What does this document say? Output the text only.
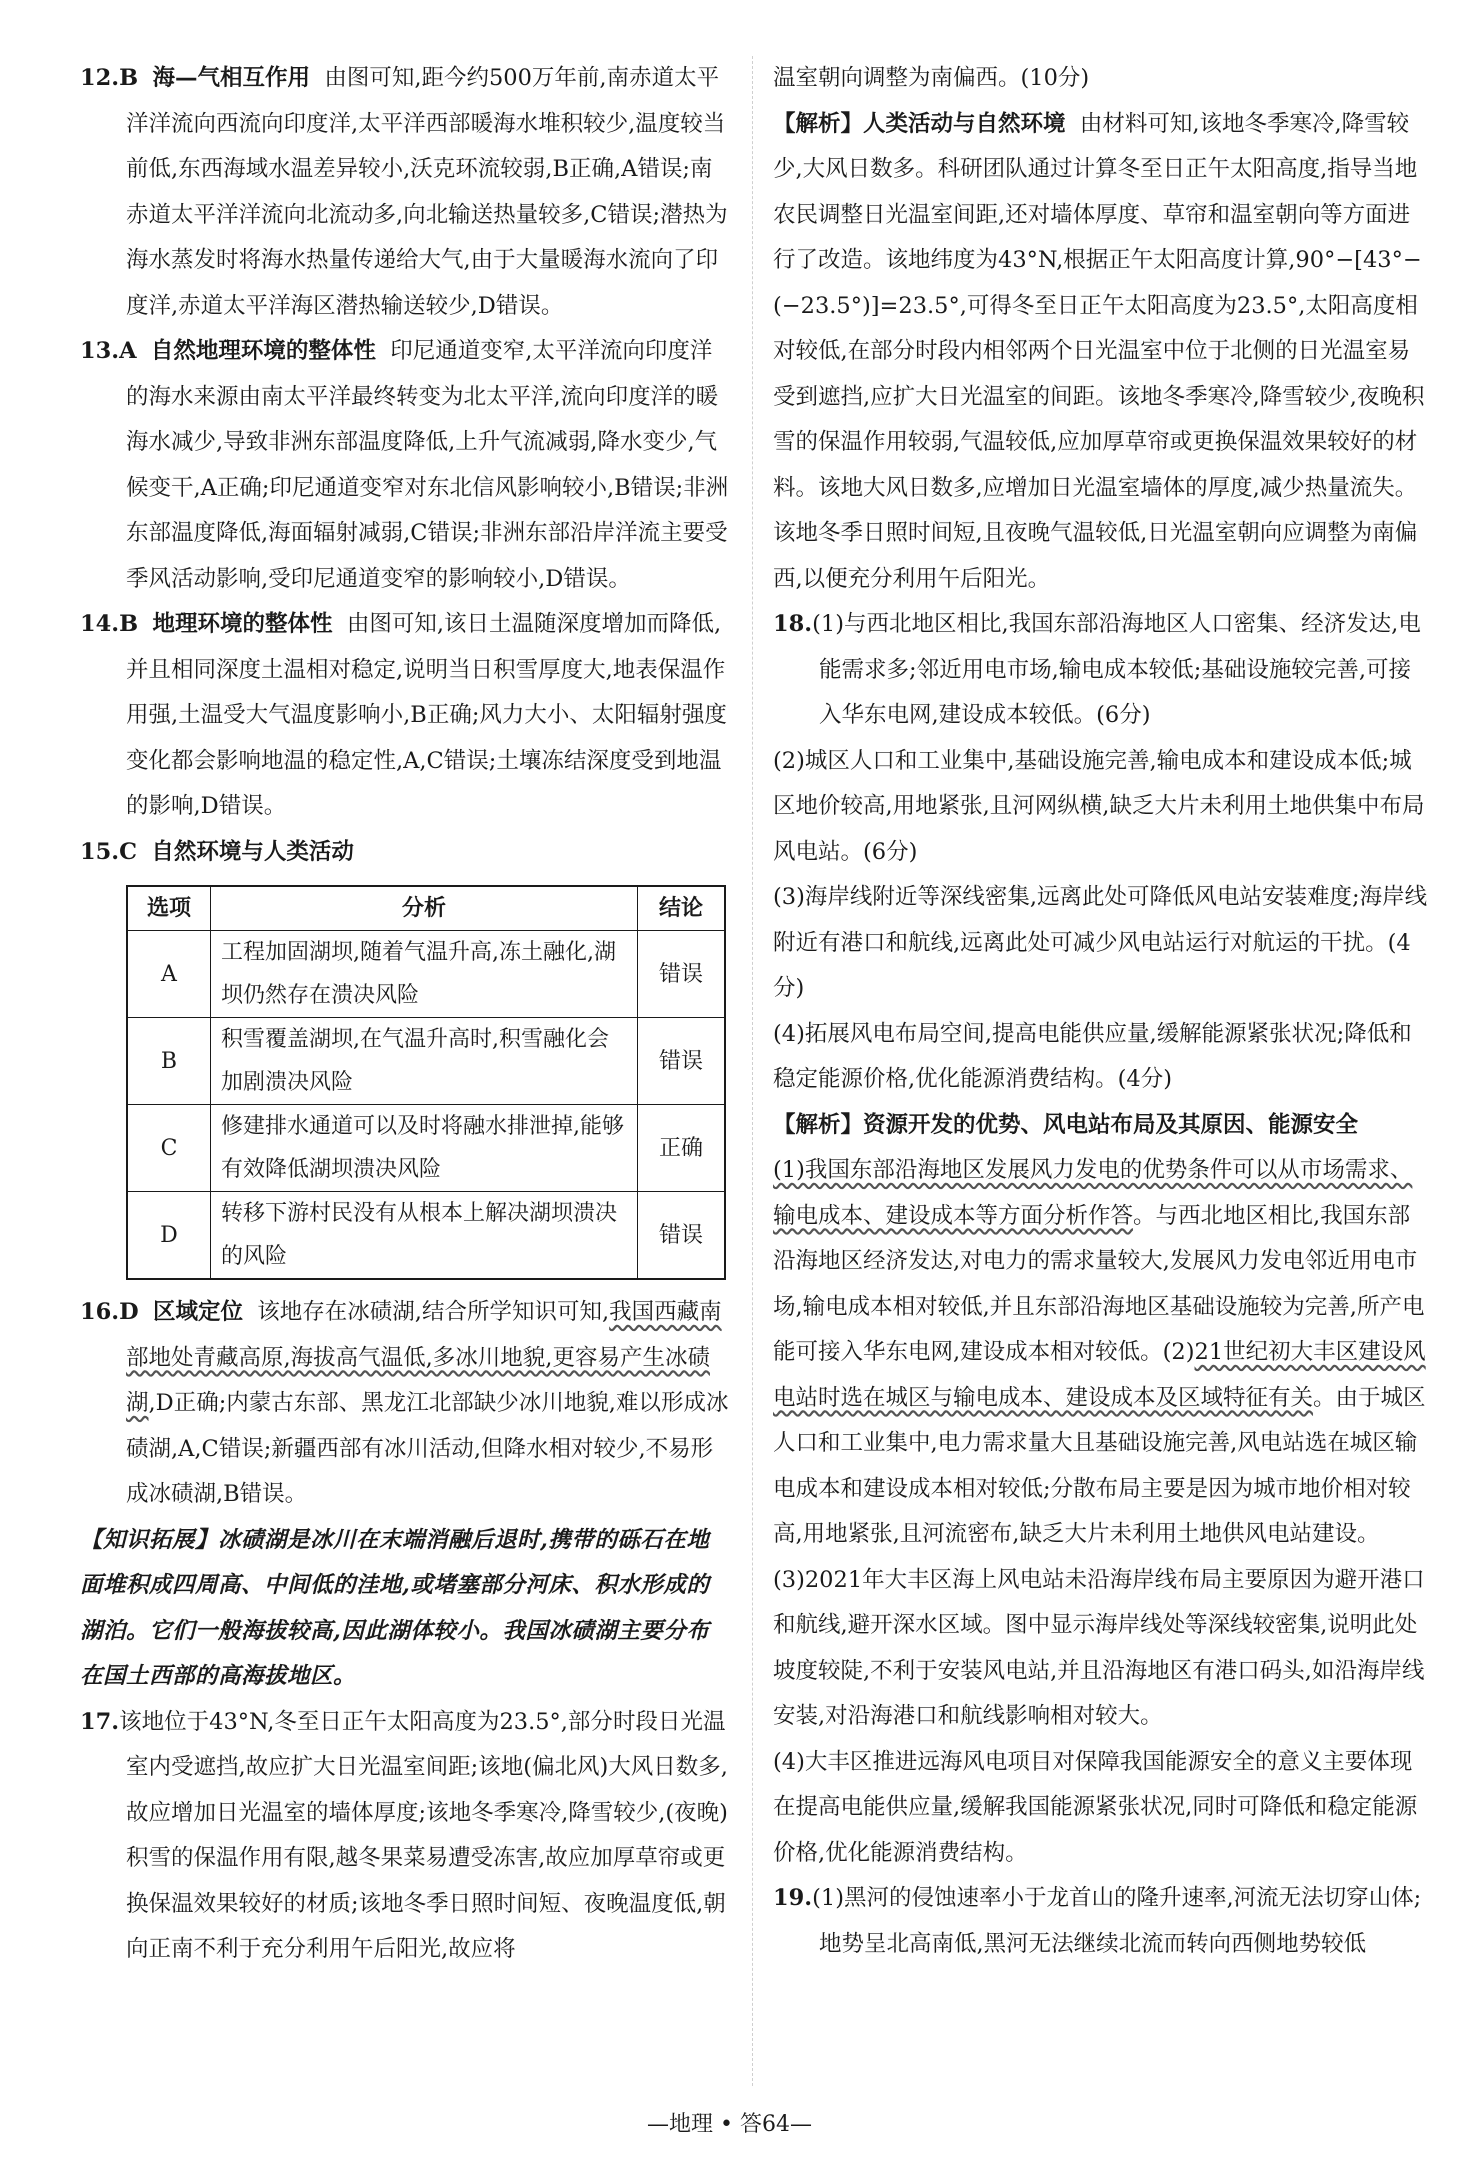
12.B 海—气相互作用 由图可知,距今约500万年前,南赤道太平洋洋流向西流向印度洋,太平洋西部暖海水堆积较少,温度较当前低,东西海域水温差异较小,沃克环流较弱,B正确,A错误;南赤道太平洋洋流向北流动多,向北输送热量较多,C错误;潜热为海水蒸发时将海水热量传递给大气,由于大量暖海水流向了印度洋,赤道太平洋海区潜热输送较少,D错误。

13.A 自然地理环境的整体性 印尼通道变窄,太平洋流向印度洋的海水来源由南太平洋最终转变为北太平洋,流向印度洋的暖海水减少,导致非洲东部温度降低,上升气流减弱,降水变少,气候变干,A正确;印尼通道变窄对东北信风影响较小,B错误;非洲东部温度降低,海面辐射减弱,C错误;非洲东部沿岸洋流主要受季风活动影响,受印尼通道变窄的影响较小,D错误。

14.B 地理环境的整体性 由图可知,该日土温随深度增加而降低,并且相同深度土温相对稳定,说明当日积雪厚度大,地表保温作用强,土温受大气温度影响小,B正确;风力大小、太阳辐射强度变化都会影响地温的稳定性,A,C错误;土壤冻结深度受到地温的影响,D错误。

15.C 自然环境与人类活动

选项	分析	结论
A	工程加固湖坝,随着气温升高,冻土融化,湖坝仍然存在溃决风险	错误
B	积雪覆盖湖坝,在气温升高时,积雪融化会加剧溃决风险	错误
C	修建排水通道可以及时将融水排泄掉,能够有效降低湖坝溃决风险	正确
D	转移下游村民没有从根本上解决湖坝溃决的风险	错误

16.D 区域定位 该地存在冰碛湖,结合所学知识可知,我国西藏南部地处青藏高原,海拔高气温低,多冰川地貌,更容易产生冰碛湖,D正确;内蒙古东部、黑龙江北部缺少冰川地貌,难以形成冰碛湖,A,C错误;新疆西部有冰川活动,但降水相对较少,不易形成冰碛湖,B错误。

【知识拓展】冰碛湖是冰川在末端消融后退时,携带的砾石在地面堆积成四周高、中间低的洼地,或堵塞部分河床、积水形成的湖泊。它们一般海拔较高,因此湖体较小。我国冰碛湖主要分布在国土西部的高海拔地区。

17.该地位于43°N,冬至日正午太阳高度为23.5°,部分时段日光温室内受遮挡,故应扩大日光温室间距;该地(偏北风)大风日数多,故应增加日光温室的墙体厚度;该地冬季寒冷,降雪较少,(夜晚)积雪的保温作用有限,越冬果菜易遭受冻害,故应加厚草帘或更换保温效果较好的材质;该地冬季日照时间短、夜晚温度低,朝向正南不利于充分利用午后阳光,故应将

温室朝向调整为南偏西。(10分)

【解析】人类活动与自然环境 由材料可知,该地冬季寒冷,降雪较少,大风日数多。科研团队通过计算冬至日正午太阳高度,指导当地农民调整日光温室间距,还对墙体厚度、草帘和温室朝向等方面进行了改造。该地纬度为43°N,根据正午太阳高度计算,90°−[43°−(−23.5°)]=23.5°,可得冬至日正午太阳高度为23.5°,太阳高度相对较低,在部分时段内相邻两个日光温室中位于北侧的日光温室易受到遮挡,应扩大日光温室的间距。该地冬季寒冷,降雪较少,夜晚积雪的保温作用较弱,气温较低,应加厚草帘或更换保温效果较好的材料。该地大风日数多,应增加日光温室墙体的厚度,减少热量流失。该地冬季日照时间短,且夜晚气温较低,日光温室朝向应调整为南偏西,以便充分利用午后阳光。

18.(1)与西北地区相比,我国东部沿海地区人口密集、经济发达,电能需求多;邻近用电市场,输电成本较低;基础设施较完善,可接入华东电网,建设成本较低。(6分)

(2)城区人口和工业集中,基础设施完善,输电成本和建设成本低;城区地价较高,用地紧张,且河网纵横,缺乏大片未利用土地供集中布局风电站。(6分)

(3)海岸线附近等深线密集,远离此处可降低风电站安装难度;海岸线附近有港口和航线,远离此处可减少风电站运行对航运的干扰。(4分)

(4)拓展风电布局空间,提高电能供应量,缓解能源紧张状况;降低和稳定能源价格,优化能源消费结构。(4分)

【解析】资源开发的优势、风电站布局及其原因、能源安全

(1)我国东部沿海地区发展风力发电的优势条件可以从市场需求、输电成本、建设成本等方面分析作答。与西北地区相比,我国东部沿海地区经济发达,对电力的需求量较大,发展风力发电邻近用电市场,输电成本相对较低,并且东部沿海地区基础设施较为完善,所产电能可接入华东电网,建设成本相对较低。(2)21世纪初大丰区建设风电站时选在城区与输电成本、建设成本及区域特征有关。由于城区人口和工业集中,电力需求量大且基础设施完善,风电站选在城区输电成本和建设成本相对较低;分散布局主要是因为城市地价相对较高,用地紧张,且河流密布,缺乏大片未利用土地供风电站建设。

(3)2021年大丰区海上风电站未沿海岸线布局主要原因为避开港口和航线,避开深水区域。图中显示海岸线处等深线较密集,说明此处坡度较陡,不利于安装风电站,并且沿海地区有港口码头,如沿海岸线安装,对沿海港口和航线影响相对较大。

(4)大丰区推进远海风电项目对保障我国能源安全的意义主要体现在提高电能供应量,缓解我国能源紧张状况,同时可降低和稳定能源价格,优化能源消费结构。

19.(1)黑河的侵蚀速率小于龙首山的隆升速率,河流无法切穿山体;地势呈北高南低,黑河无法继续北流而转向西侧地势较低

—地理 • 答64—
